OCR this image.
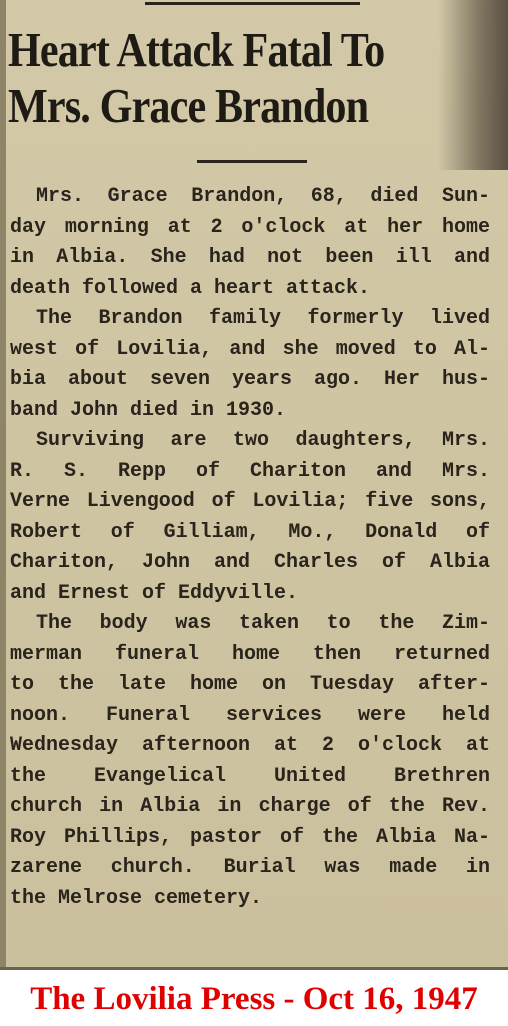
Heart Attack Fatal To
Mrs. Grace Brandon
Mrs. Grace Brandon, 68, died Sun-
day morning at 2 o'clock at her home
in Albia. She had not been ill and
death followed a heart attack.
The Brandon family formerly lived
west of Lovilia, and she moved to Al-
bia about seven years ago. Her hus-
band John died in 1930.
Surviving are two daughters, Mrs.
R. S. Repp of Chariton and Mrs.
Verne Livengood of Lovilia; five sons,
Robert of Gilliam, Mo., Donald of
Chariton, John and Charles of Albia
and Ernest of Eddyville.
The body was taken to the Zim-
merman funeral home then returned
to the late home on Tuesday after-
noon. Funeral services were held
Wednesday afternoon at 2 o'clock at
the Evangelical United Brethren
church in Albia in charge of the Rev.
Roy Phillips, pastor of the Albia Na-
zarene church. Burial was made in
the Melrose cemetery.
The Lovilia Press - Oct 16, 1947
